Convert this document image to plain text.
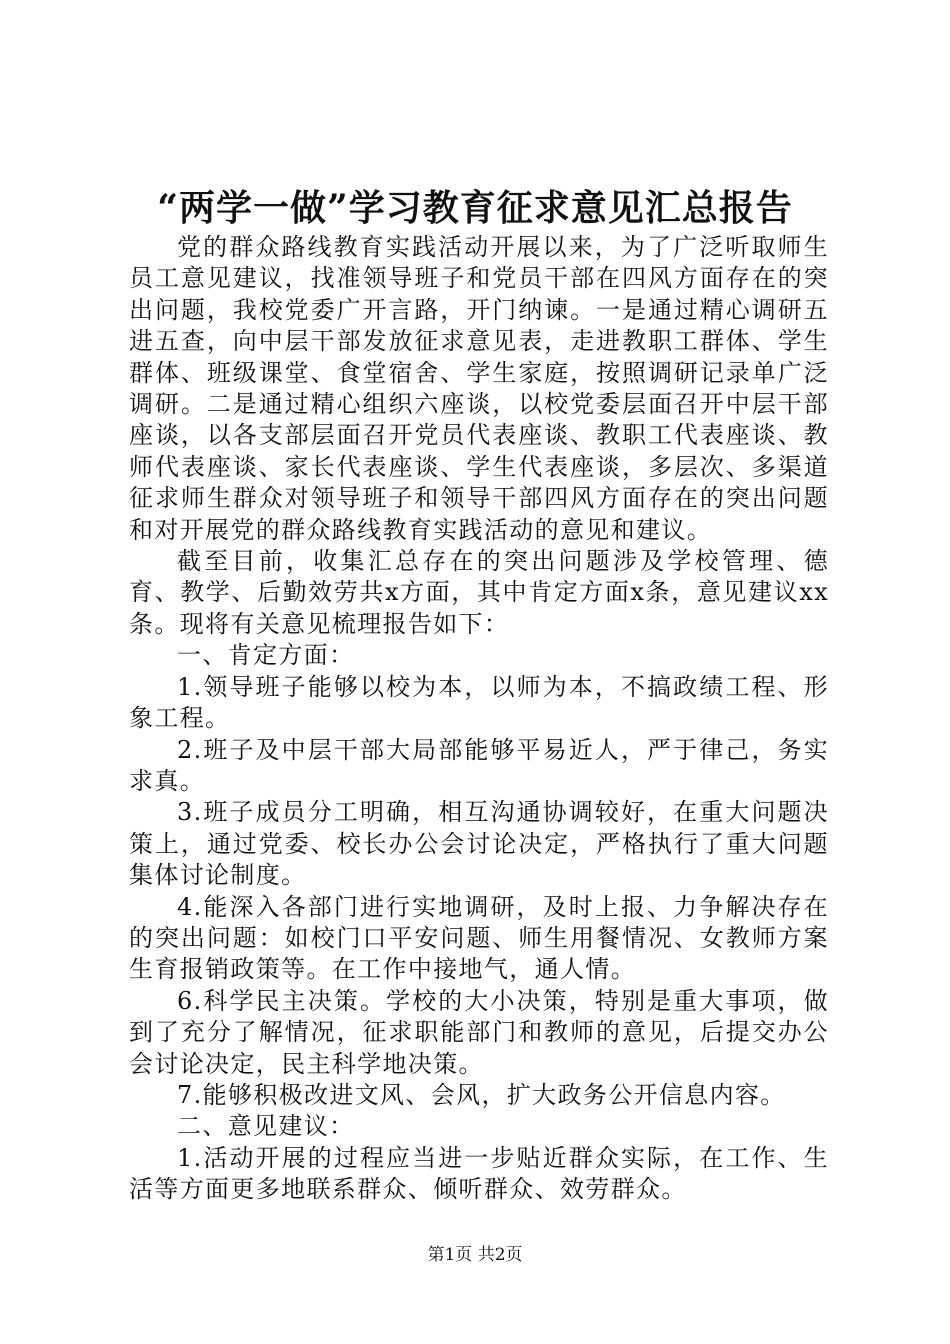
“两学一做”学习教育征求意见汇总报告

党的群众路线教育实践活动开展以来，为了广泛听取师生员工意见建议，找准领导班子和党员干部在四风方面存在的突出问题，我校党委广开言路，开门纳谏。一是通过精心调研五进五查，向中层干部发放征求意见表，走进教职工群体、学生群体、班级课堂、食堂宿舍、学生家庭，按照调研记录单广泛调研。二是通过精心组织六座谈，以校党委层面召开中层干部座谈，以各支部层面召开党员代表座谈、教职工代表座谈、教师代表座谈、家长代表座谈、学生代表座谈，多层次、多渠道征求师生群众对领导班子和领导干部四风方面存在的突出问题和对开展党的群众路线教育实践活动的意见和建议。

截至目前，收集汇总存在的突出问题涉及学校管理、德育、教学、后勤效劳共x方面，其中肯定方面x条，意见建议xx条。现将有关意见梳理报告如下：

一、肯定方面：

1.领导班子能够以校为本，以师为本，不搞政绩工程、形象工程。

2.班子及中层干部大局部能够平易近人，严于律己，务实求真。

3.班子成员分工明确，相互沟通协调较好，在重大问题决策上，通过党委、校长办公会讨论决定，严格执行了重大问题集体讨论制度。

4.能深入各部门进行实地调研，及时上报、力争解决存在的突出问题：如校门口平安问题、师生用餐情况、女教师方案生育报销政策等。在工作中接地气，通人情。

6.科学民主决策。学校的大小决策，特别是重大事项，做到了充分了解情况，征求职能部门和教师的意见，后提交办公会讨论决定，民主科学地决策。

7.能够积极改进文风、会风，扩大政务公开信息内容。

二、意见建议：

1.活动开展的过程应当进一步贴近群众实际，在工作、生活等方面更多地联系群众、倾听群众、效劳群众。

第1页 共2页
